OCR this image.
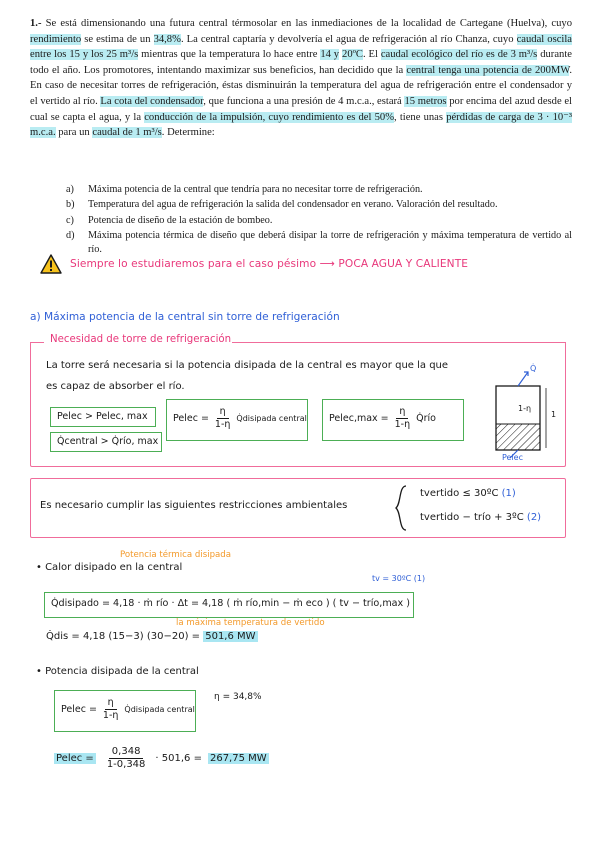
1.- Se está dimensionando una futura central térmosolar en las inmediaciones de la localidad de Cartegane (Huelva), cuyo rendimiento se estima de un 34,8%. La central captaría y devolvería el agua de refrigeración al río Chanza, cuyo caudal oscila entre los 15 y los 25 m³/s mientras que la temperatura lo hace entre 14 y 20ºC. El caudal ecológico del río es de 3 m³/s durante todo el año. Los promotores, intentando maximizar sus beneficios, han decidido que la central tenga una potencia de 200MW. En caso de necesitar torres de refrigeración, éstas disminuirán la temperatura del agua de refrigeración entre el condensador y el vertido al río. La cota del condensador, que funciona a una presión de 4 m.c.a., estará 15 metros por encima del azud desde el cual se capta el agua, y la conducción de la impulsión, cuyo rendimiento es del 50%, tiene unas pérdidas de carga de 3 · 10⁻³ m.c.a. para un caudal de 1 m³/s. Determine:
a)	Máxima potencia de la central que tendría para no necesitar torre de refrigeración.
b)	Temperatura del agua de refrigeración la salida del condensador en verano. Valoración del resultado.
c)	Potencia de diseño de la estación de bombeo.
d)	Máxima potencia térmica de diseño que deberá disipar la torre de refrigeración y máxima temperatura de vertido al río.
Siempre lo estudiaremos para el caso pésimo ⟶ POCA AGUA Y CALIENTE
a) Máxima potencia de la central sin torre de refrigeración
Necesidad de torre de refrigeración
La torre será necesaria si la potencia disipada de la central es mayor que la que
es capaz de absorber el río.
Pelec > Pelec, max
Q̇central > Q̇río, max
Pelec = $\frac{\eta}{1-\eta}$ Q̇disipada central Pelec,max = $\frac{\eta}{1-\eta}$ Q̇río
Q̇
1-η
1
Pelec
Es necesario cumplir las siguientes restricciones ambientales
tvertido ≤ 30ºC (1)
tvertido − trío + 3ºC (2)
Potencia térmica disipada
• Calor disipado en la central
tv = 30ºC (1)
Q̇disipado = 4,18 · ṁ río · Δt = 4,18 ( ṁ río,min − ṁ eco ) ( tv − trío,max )
la máxima temperatura de vertido
Q̇dis = 4,18 (15−3) (30−20) = 501,6 MW
• Potencia disipada de la central
Pelec = $\frac{\eta}{1-\eta}$ Q̇disipada central
η = 34,8%
Pelec = $\frac{0,348}{1-0,348} \cdot 501,6 = 267,75$ MW
